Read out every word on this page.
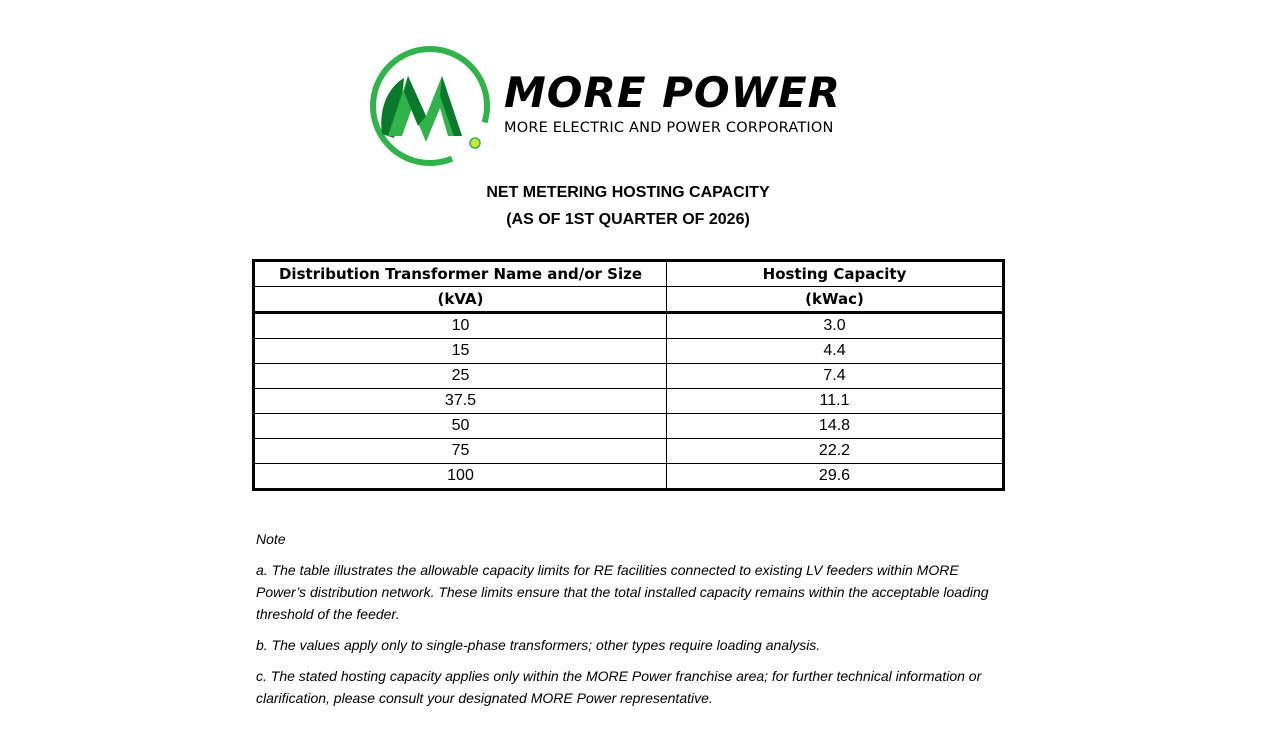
MORE POWER
MORE ELECTRIC AND POWER CORPORATION
NET METERING HOSTING CAPACITY
(AS OF 1ST QUARTER OF 2026)
Distribution Transformer Name and/or Size	Hosting Capacity
(kVA)	(kWac)
10	3.0
15	4.4
25	7.4
37.5	11.1
50	14.8
75	22.2
100	29.6

Note

a. The table illustrates the allowable capacity limits for RE facilities connected to existing LV feeders within MORE Power’s distribution network. These limits ensure that the total installed capacity remains within the acceptable loading threshold of the feeder.

b. The values apply only to single-phase transformers; other types require loading analysis.

c. The stated hosting capacity applies only within the MORE Power franchise area; for further technical information or clarification, please consult your designated MORE Power representative.
